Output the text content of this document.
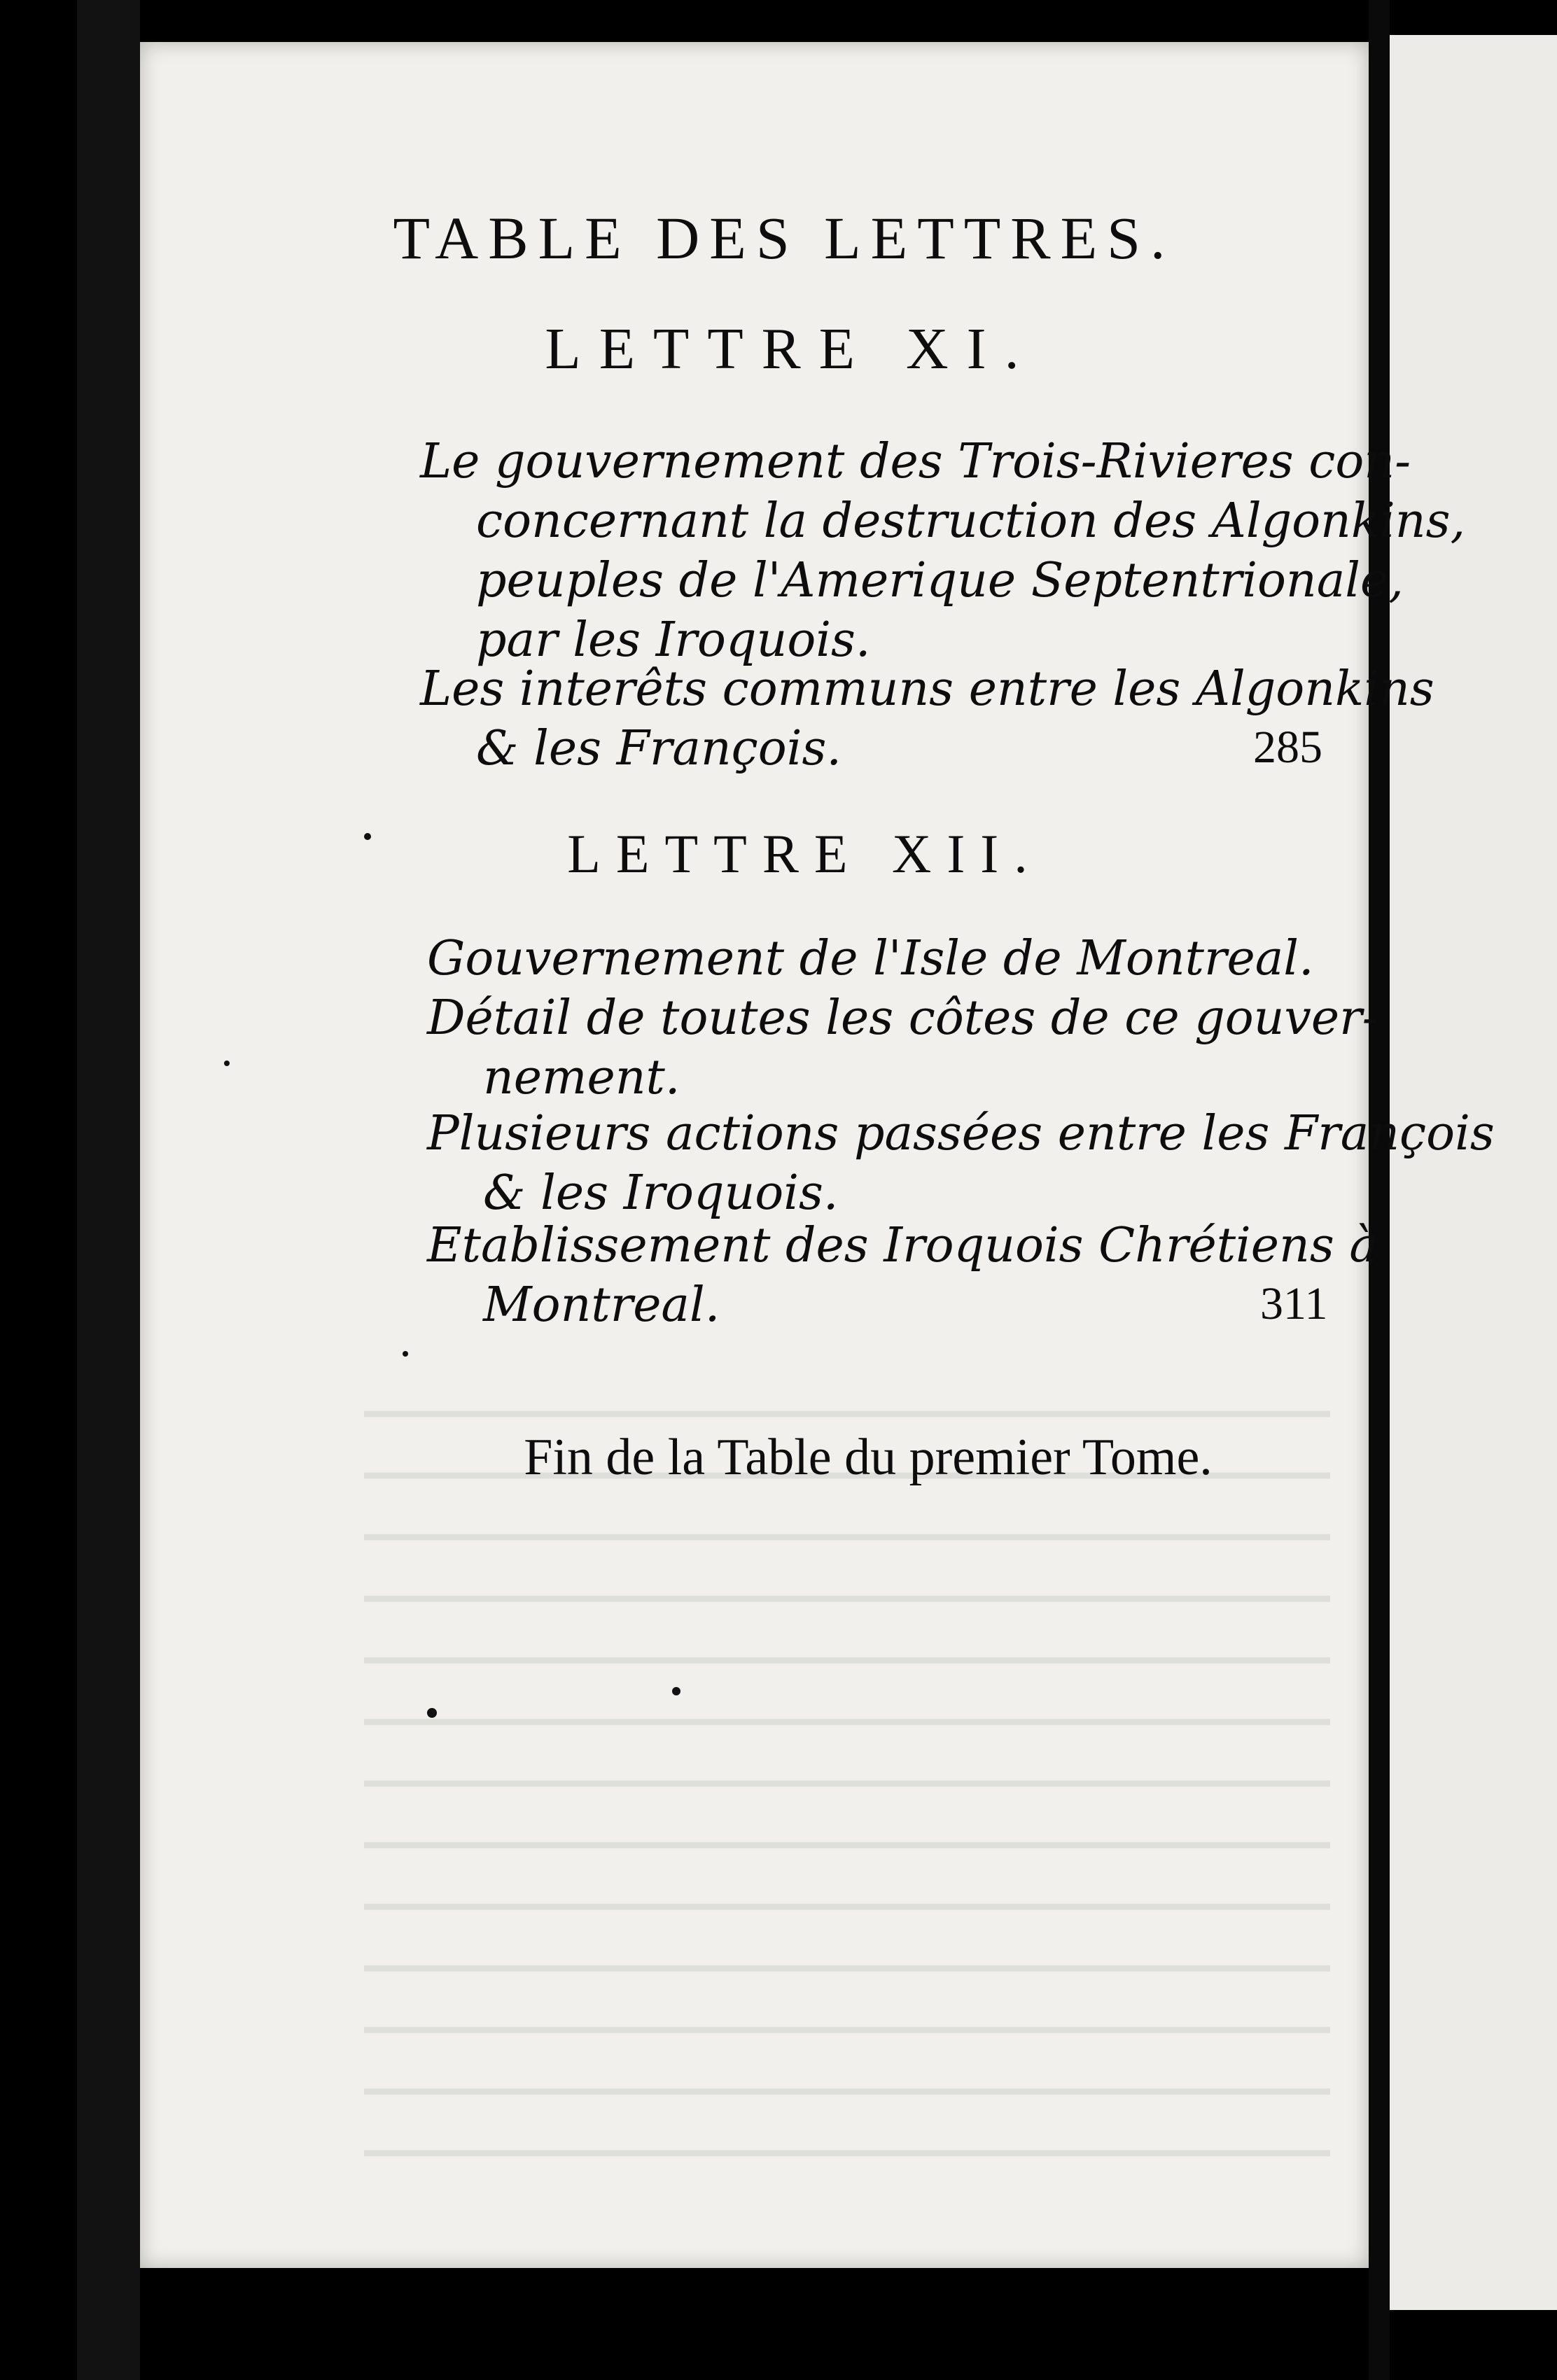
TABLE DES LETTRES.
LETTRE XI.
Le gouvernement des Trois-Rivieres con-
concernant la destruction des Algonkins,
peuples de l'Amerique Septentrionale,
par les Iroquois.
Les interêts communs entre les Algonkins
& les François.	285
LETTRE XII.
Gouvernement de l'Isle de Montreal.
Détail de toutes les côtes de ce gouver-
nement.
Plusieurs actions passées entre les François
& les Iroquois.
Etablissement des Iroquois Chrétiens à
Montreal.	311
Fin de la Table du premier Tome.
